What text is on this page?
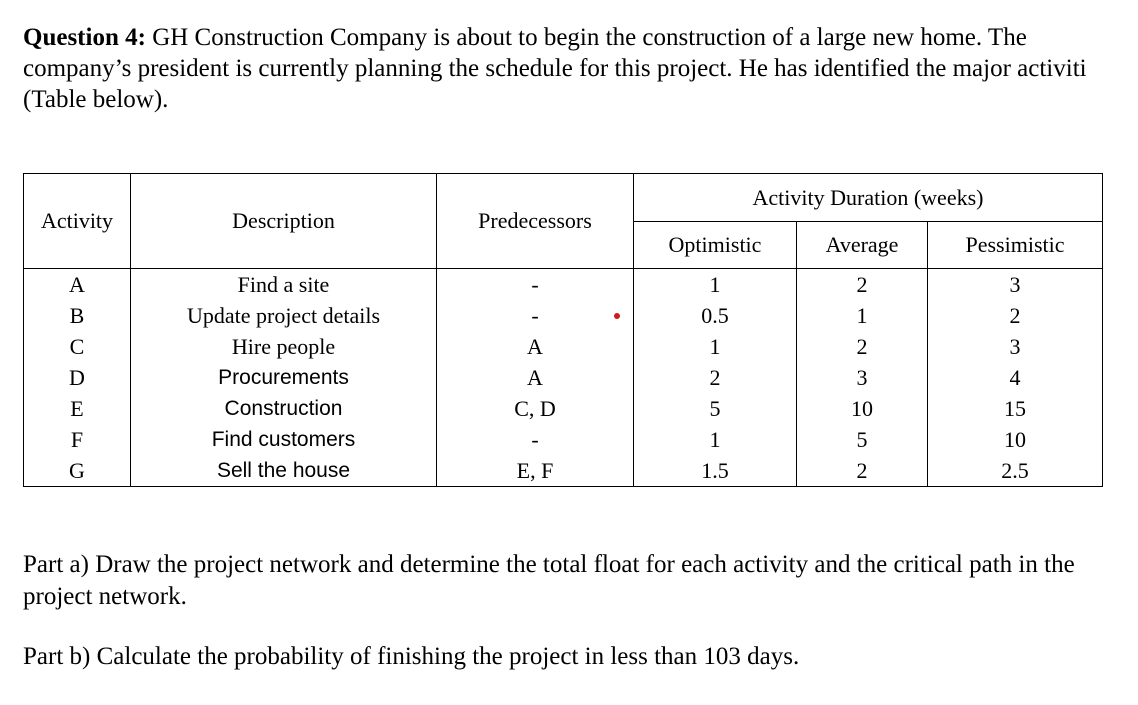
Question 4: GH Construction Company is about to begin the construction of a large new home. The
company’s president is currently planning the schedule for this project. He has identified the major activiti
(Table below).
Activity	Description	Predecessors	Activity Duration (weeks)		
			Optimistic	Average	Pessimistic
A	Find a site	-	1	2	3
B	Update project details	-	0.5	1	2
C	Hire people	A	1	2	3
D	Procurements	A	2	3	4
E	Construction	C, D	5	10	15
F	Find customers	-	1	5	10
G	Sell the house	E, F	1.5	2	2.5
Part a) Draw the project network and determine the total float for each activity and the critical path in the project network.
Part b) Calculate the probability of finishing the project in less than 103 days.
